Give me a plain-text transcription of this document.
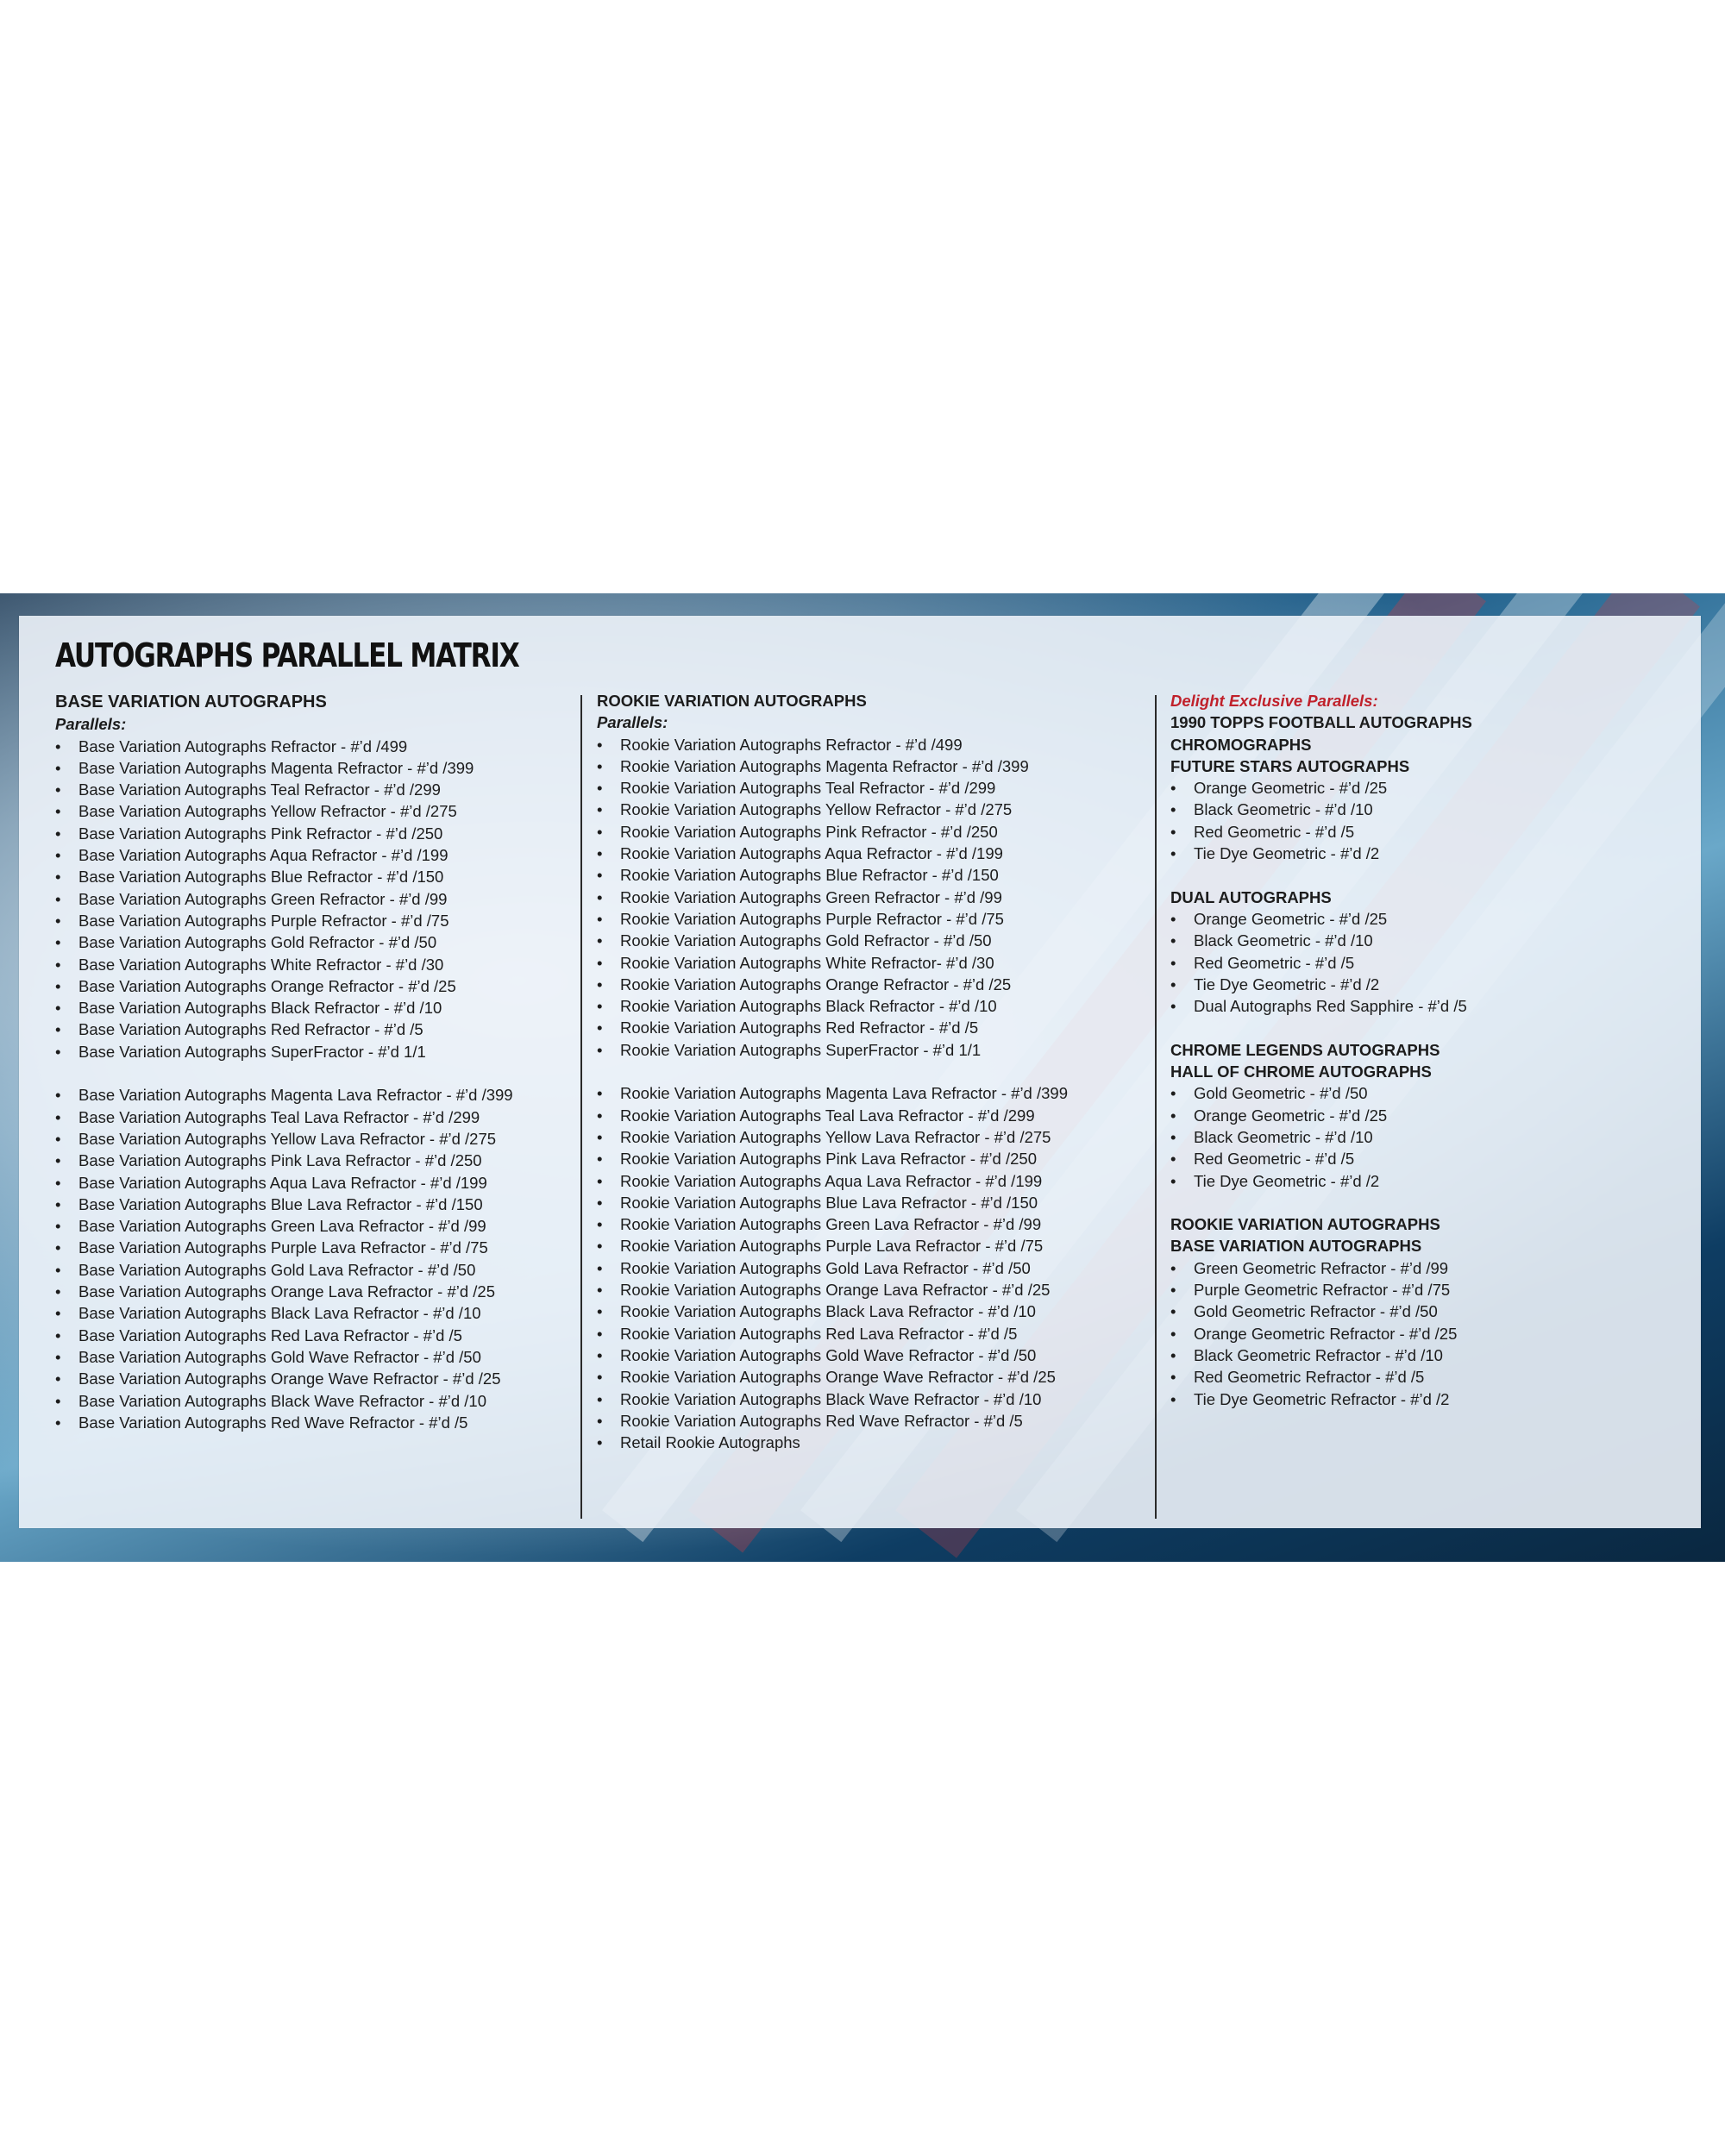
AUTOGRAPHS PARALLEL MATRIX

BASE VARIATION AUTOGRAPHS

Parallels:

• Base Variation Autographs Refractor - #’d /499
• Base Variation Autographs Magenta Refractor - #’d /399
• Base Variation Autographs Teal Refractor - #’d /299
• Base Variation Autographs Yellow Refractor - #’d /275
• Base Variation Autographs Pink Refractor - #’d /250
• Base Variation Autographs Aqua Refractor - #’d /199
• Base Variation Autographs Blue Refractor - #’d /150
• Base Variation Autographs Green Refractor - #’d /99
• Base Variation Autographs Purple Refractor - #’d /75
• Base Variation Autographs Gold Refractor - #’d /50
• Base Variation Autographs White Refractor - #’d /30
• Base Variation Autographs Orange Refractor - #’d /25
• Base Variation Autographs Black Refractor - #’d /10
• Base Variation Autographs Red Refractor - #’d /5
• Base Variation Autographs SuperFractor - #’d 1/1
• Base Variation Autographs Magenta Lava Refractor - #’d /399
• Base Variation Autographs Teal Lava Refractor - #’d /299
• Base Variation Autographs Yellow Lava Refractor - #’d /275
• Base Variation Autographs Pink Lava Refractor - #’d /250
• Base Variation Autographs Aqua Lava Refractor - #’d /199
• Base Variation Autographs Blue Lava Refractor - #’d /150
• Base Variation Autographs Green Lava Refractor - #’d /99
• Base Variation Autographs Purple Lava Refractor - #’d /75
• Base Variation Autographs Gold Lava Refractor - #’d /50
• Base Variation Autographs Orange Lava Refractor - #’d /25
• Base Variation Autographs Black Lava Refractor - #’d /10
• Base Variation Autographs Red Lava Refractor - #’d /5
• Base Variation Autographs Gold Wave Refractor - #’d /50
• Base Variation Autographs Orange Wave Refractor - #’d /25
• Base Variation Autographs Black Wave Refractor - #’d /10
• Base Variation Autographs Red Wave Refractor - #’d /5

ROOKIE VARIATION AUTOGRAPHS

Parallels:

• Rookie Variation Autographs Refractor - #’d /499
• Rookie Variation Autographs Magenta Refractor - #’d /399
• Rookie Variation Autographs Teal Refractor - #’d /299
• Rookie Variation Autographs Yellow Refractor - #’d /275
• Rookie Variation Autographs Pink Refractor - #’d /250
• Rookie Variation Autographs Aqua Refractor - #’d /199
• Rookie Variation Autographs Blue Refractor - #’d /150
• Rookie Variation Autographs Green Refractor - #’d /99
• Rookie Variation Autographs Purple Refractor - #’d /75
• Rookie Variation Autographs Gold Refractor - #’d /50
• Rookie Variation Autographs White Refractor- #’d /30
• Rookie Variation Autographs Orange Refractor - #’d /25
• Rookie Variation Autographs Black Refractor - #’d /10
• Rookie Variation Autographs Red Refractor - #’d /5
• Rookie Variation Autographs SuperFractor - #’d 1/1
• Rookie Variation Autographs Magenta Lava Refractor - #’d /399
• Rookie Variation Autographs Teal Lava Refractor - #’d /299
• Rookie Variation Autographs Yellow Lava Refractor - #’d /275
• Rookie Variation Autographs Pink Lava Refractor - #’d /250
• Rookie Variation Autographs Aqua Lava Refractor - #’d /199
• Rookie Variation Autographs Blue Lava Refractor - #’d /150
• Rookie Variation Autographs Green Lava Refractor - #’d /99
• Rookie Variation Autographs Purple Lava Refractor - #’d /75
• Rookie Variation Autographs Gold Lava Refractor - #’d /50
• Rookie Variation Autographs Orange Lava Refractor - #’d /25
• Rookie Variation Autographs Black Lava Refractor - #’d /10
• Rookie Variation Autographs Red Lava Refractor - #’d /5
• Rookie Variation Autographs Gold Wave Refractor - #’d /50
• Rookie Variation Autographs Orange Wave Refractor - #’d /25
• Rookie Variation Autographs Black Wave Refractor - #’d /10
• Rookie Variation Autographs Red Wave Refractor - #’d /5
• Retail Rookie Autographs

Delight Exclusive Parallels:

1990 TOPPS FOOTBALL AUTOGRAPHS

CHROMOGRAPHS

FUTURE STARS AUTOGRAPHS

• Orange Geometric - #’d /25
• Black Geometric - #’d /10
• Red Geometric - #’d /5
• Tie Dye Geometric - #’d /2

DUAL AUTOGRAPHS

• Orange Geometric - #’d /25
• Black Geometric - #’d /10
• Red Geometric - #’d /5
• Tie Dye Geometric - #’d /2
• Dual Autographs Red Sapphire - #’d /5

CHROME LEGENDS AUTOGRAPHS

HALL OF CHROME AUTOGRAPHS

• Gold Geometric - #’d /50
• Orange Geometric - #’d /25
• Black Geometric - #’d /10
• Red Geometric - #’d /5
• Tie Dye Geometric - #’d /2

ROOKIE VARIATION AUTOGRAPHS

BASE VARIATION AUTOGRAPHS

• Green Geometric Refractor - #’d /99
• Purple Geometric Refractor - #’d /75
• Gold Geometric Refractor - #’d /50
• Orange Geometric Refractor - #’d /25
• Black Geometric Refractor - #’d /10
• Red Geometric Refractor - #’d /5
• Tie Dye Geometric Refractor - #’d /2
